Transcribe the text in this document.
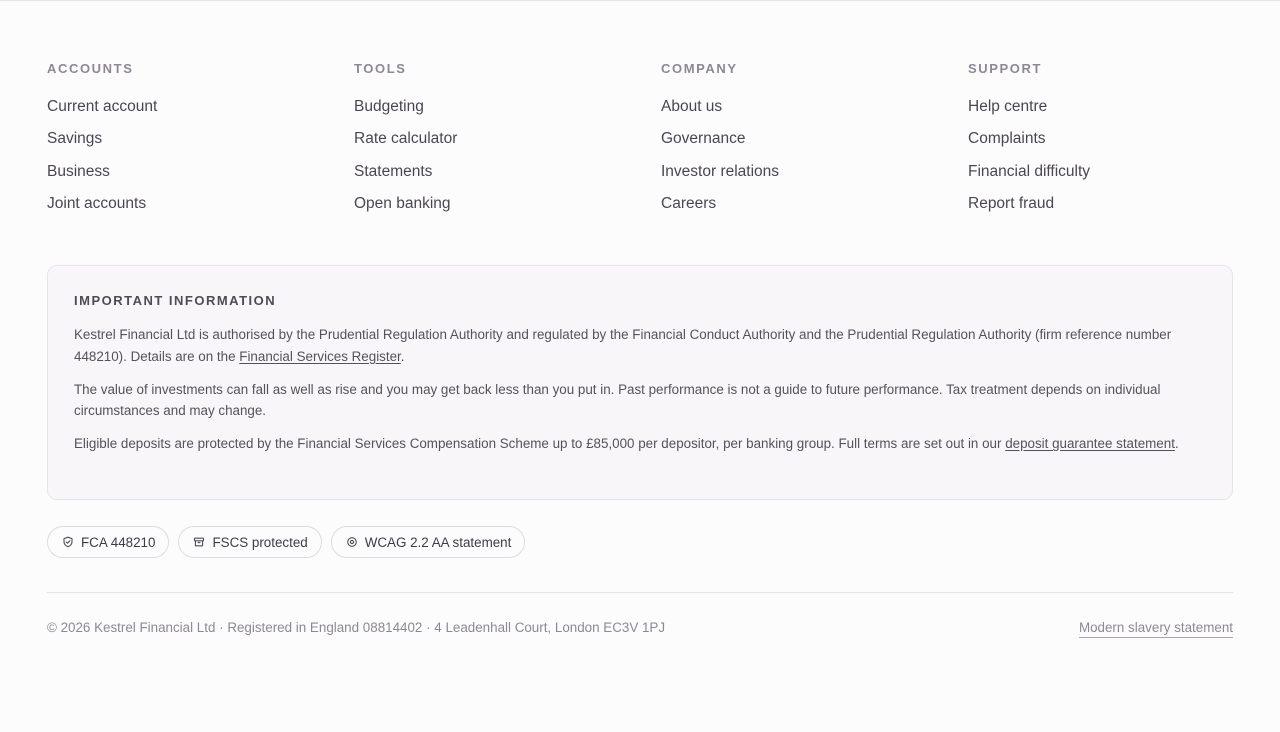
ACCOUNTS
Current account
Savings
Business
Joint accounts
TOOLS
Budgeting
Rate calculator
Statements
Open banking
COMPANY
About us
Governance
Investor relations
Careers
SUPPORT
Help centre
Complaints
Financial difficulty
Report fraud
IMPORTANT INFORMATION

Kestrel Financial Ltd is authorised by the Prudential Regulation Authority and regulated by the Financial Conduct Authority and the Prudential Regulation Authority (firm reference number 448210). Details are on the Financial Services Register.

The value of investments can fall as well as rise and you may get back less than you put in. Past performance is not a guide to future performance. Tax treatment depends on individual circumstances and may change.

Eligible deposits are protected by the Financial Services Compensation Scheme up to £85,000 per depositor, per banking group. Full terms are set out in our deposit guarantee statement.

FCA 448210	FSCS protected	WCAG 2.2 AA statement
© 2026 Kestrel Financial Ltd · Registered in England 08814402 · 4 Leadenhall Court, London EC3V 1PJ	Modern slavery statement
